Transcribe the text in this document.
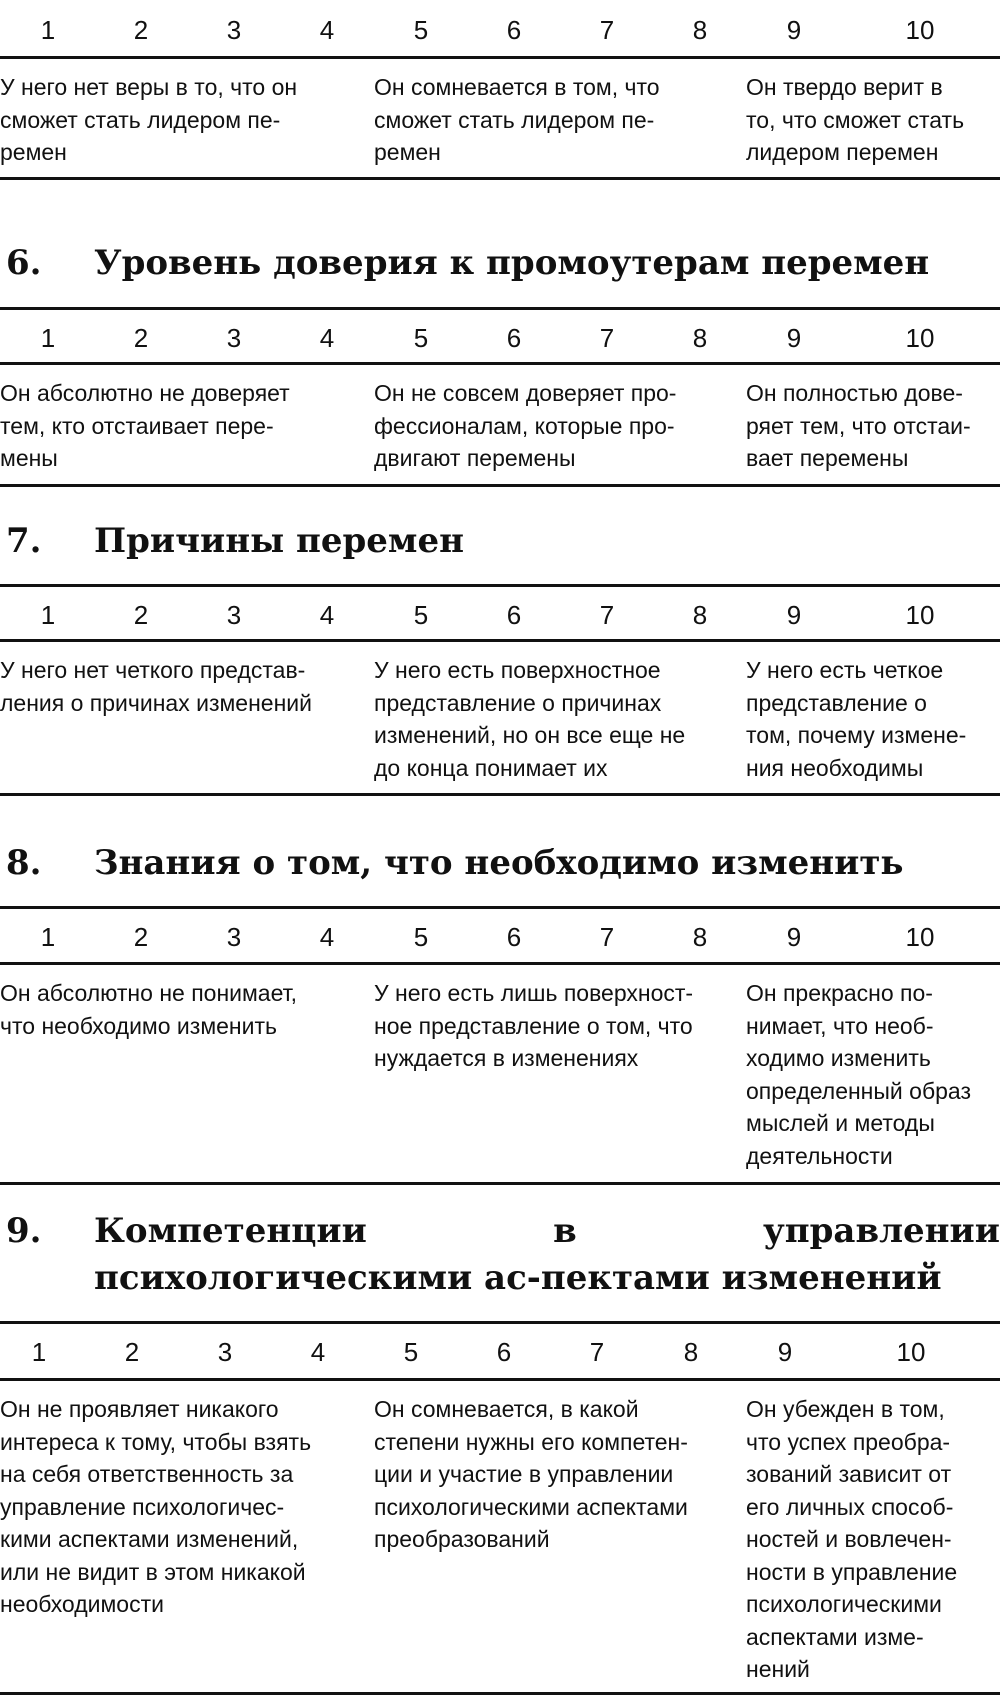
1	2	3	4	5	6	7	8	9	10

У него нет веры в то, что он
сможет стать лидером пе-
ремен

Он сомневается в том, что
сможет стать лидером пе-
ремен

Он твердо верит в
то, что сможет стать
лидером перемен

6. Уровень доверия к промоутерам перемен
1	2	3	4	5	6	7	8	9	10

Он абсолютно не доверяет
тем, кто отстаивает пере-
мены

Он не совсем доверяет про-
фессионалам, которые про-
двигают перемены

Он полностью дове-
ряет тем, что отстаи-
вает перемены

7. Причины перемен
1	2	3	4	5	6	7	8	9	10

У него нет четкого представ-
ления о причинах изменений

У него есть поверхностное
представление о причинах
изменений, но он все еще не
до конца понимает их

У него есть четкое
представление о
том, почему измене-
ния необходимы

8. Знания о том, что необходимо изменить
1	2	3	4	5	6	7	8	9	10

Он абсолютно не понимает,
что необходимо изменить

У него есть лишь поверхност-
ное представление о том, что
нуждается в изменениях

Он прекрасно по-
нимает, что необ-
ходимо изменить
определенный образ
мыслей и методы
деятельности

9. Компетенции в управлении психологическими ас-пектами изменений
1	2	3	4	5	6	7	8	9	10

Он не проявляет никакого
интереса к тому, чтобы взять
на себя ответственность за
управление психологичес-
кими аспектами изменений,
или не видит в этом никакой
необходимости

Он сомневается, в какой
степени нужны его компетен-
ции и участие в управлении
психологическими аспектами
преобразований

Он убежден в том,
что успех преобра-
зований зависит от
его личных способ-
ностей и вовлечен-
ности в управление
психологическими
аспектами изме-
нений
